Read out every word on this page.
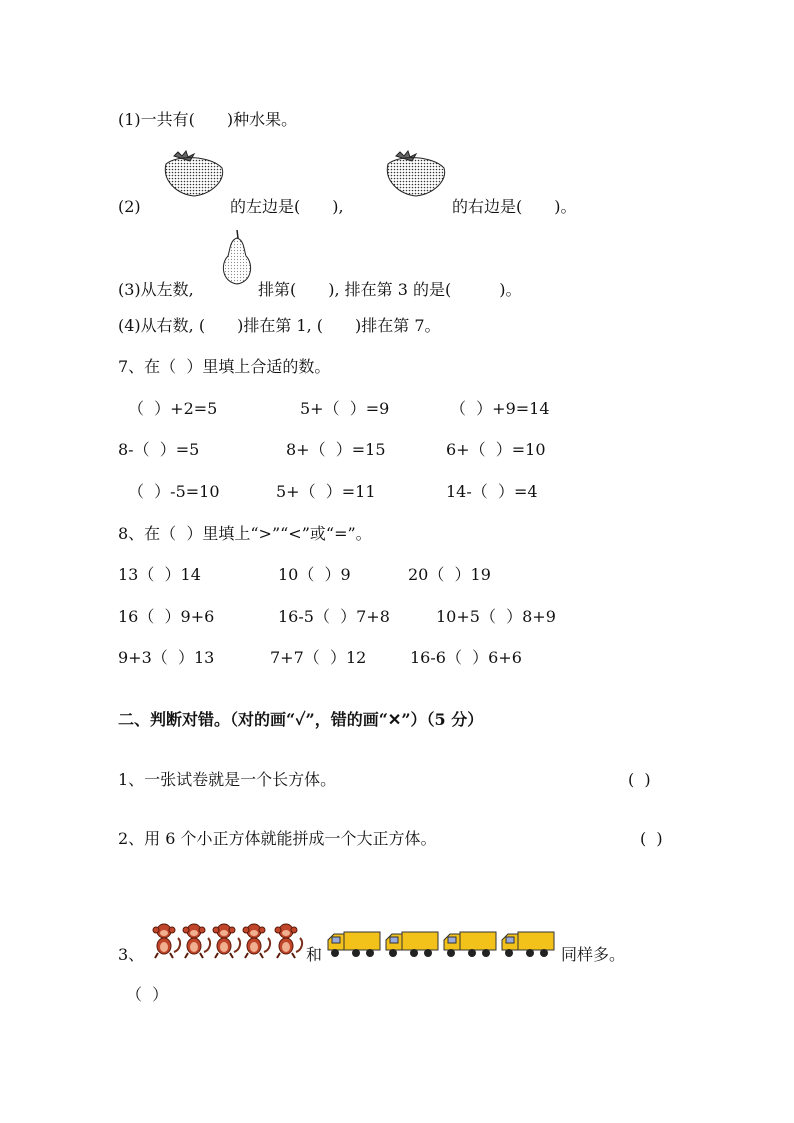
(1)一共有(　　)种水果。
(2)	的左边是(　　),	的右边是(　　)。
(3)从左数,	排第(　　), 排在第 3 的是(　　　)。
(4)从右数, (　　)排在第 1, (　　)排在第 7。
7、在（  ）里填上合适的数。
（  ）+2=5	5+（  ）=9	（  ）+9=14
8-（  ）=5	8+（  ）=15	6+（  ）=10
（  ）-5=10	5+（  ）=11	14-（  ）=4
8、在（  ）里填上“>”“<”或“=”。
13（  ）14	10（  ）9	20（  ）19
16（  ）9+6	16-5（  ）7+8	10+5（  ）8+9
9+3（  ）13	7+7（  ）12	16-6（  ）6+6
二、判断对错。（对的画“✓”，错的画“✕”）（5 分）
1、一张试卷就是一个长方体。	(  )
2、用 6 个小正方体就能拼成一个大正方体。	(  )
3、	和	同样多。
（  ）
